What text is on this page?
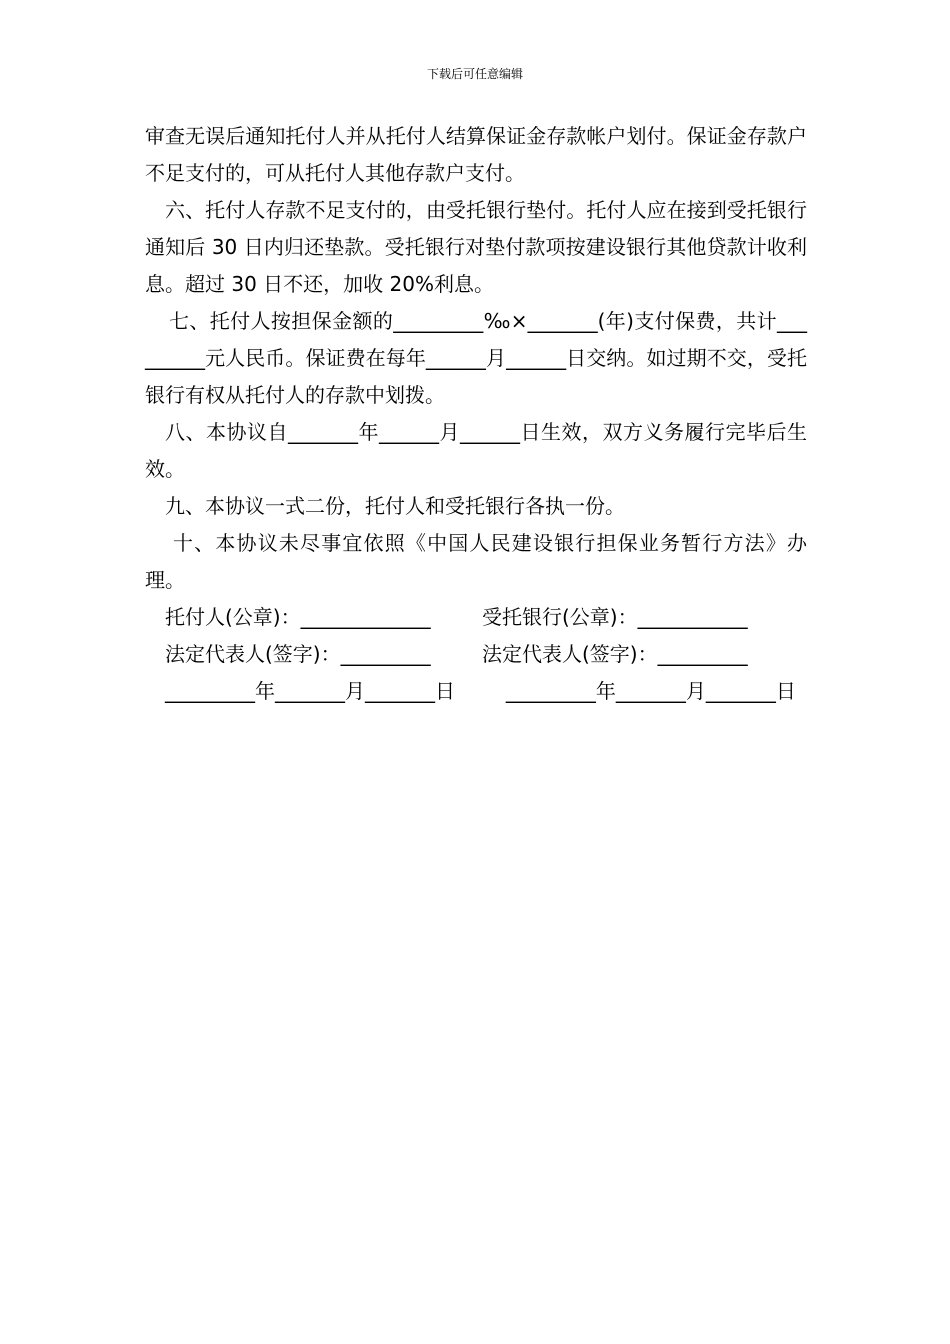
下载后可任意编辑

审查无误后通知托付人并从托付人结算保证金存款帐户划付。保证金存款户不足支付的，可从托付人其他存款户支付。

六、托付人存款不足支付的，由受托银行垫付。托付人应在接到受托银行通知后 30 日内归还垫款。受托银行对垫付款项按建设银行其他贷款计收利息。超过 30 日不还，加收 20%利息。

七、托付人按担保金额的_________‰×_______(年)支付保费，共计_________元人民币。保证费在每年______月______日交纳。如过期不交，受托银行有权从托付人的存款中划拨。

八、本协议自_______年______月______日生效，双方义务履行完毕后生效。

九、本协议一式二份，托付人和受托银行各执一份。

十、本协议未尽事宜依照《中国人民建设银行担保业务暂行方法》办理。

托付人(公章)：_____________	受托银行(公章)：___________
法定代表人(签字)：_________	法定代表人(签字)：_________

_________年_______月_______日        _________年_______月_______日
